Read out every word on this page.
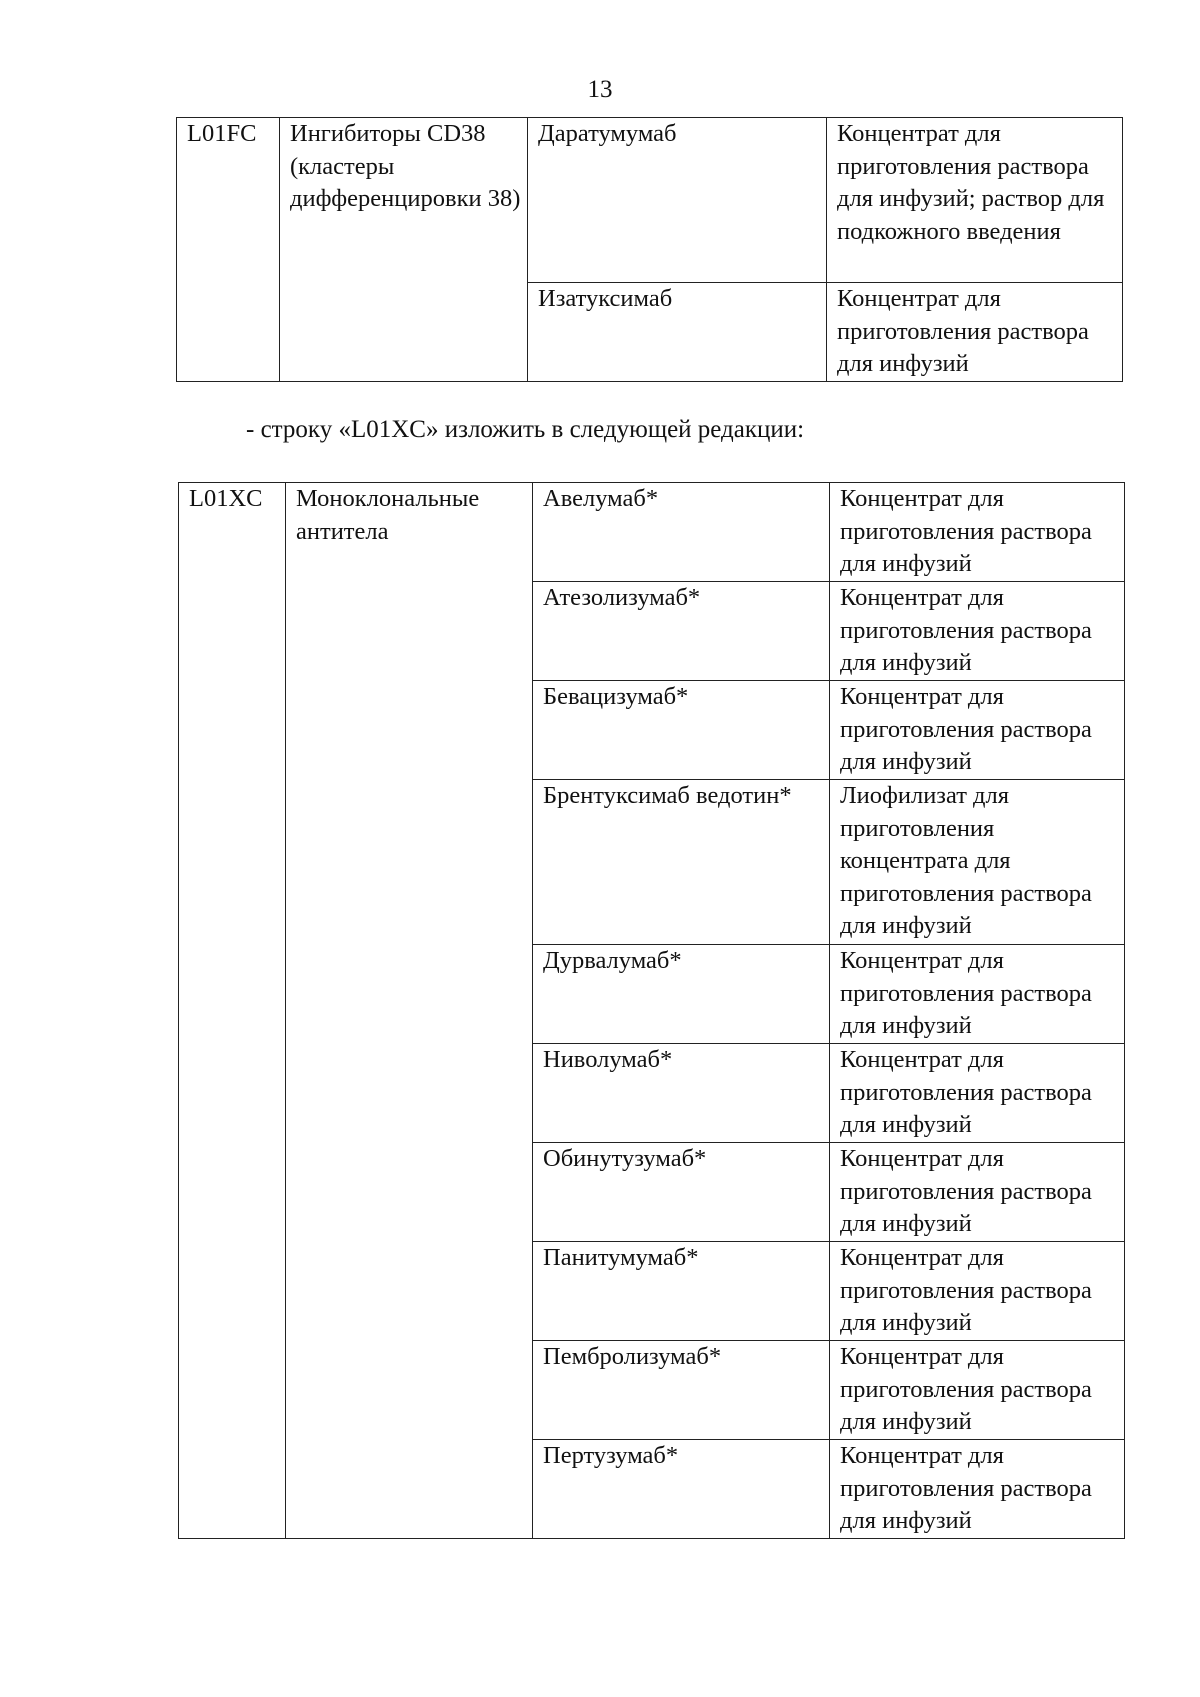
13
L01FC	Ингибиторы CD38 (кластеры дифференцировки 38)	Даратумумаб	Концентрат для приготовления раствора для инфузий; раствор для подкожного введения
		Изатуксимаб	Концентрат для приготовления раствора для инфузий
- строку «L01XC» изложить в следующей редакции:
L01XC	Моноклональные антитела	Авелумаб*	Концентрат для приготовления раствора для инфузий
		Атезолизумаб*	Концентрат для приготовления раствора для инфузий
		Бевацизумаб*	Концентрат для приготовления раствора для инфузий
		Брентуксимаб ведотин*	Лиофилизат для приготовления концентрата для приготовления раствора для инфузий
		Дурвалумаб*	Концентрат для приготовления раствора для инфузий
		Ниволумаб*	Концентрат для приготовления раствора для инфузий
		Обинутузумаб*	Концентрат для приготовления раствора для инфузий
		Панитумумаб*	Концентрат для приготовления раствора для инфузий
		Пембролизумаб*	Концентрат для приготовления раствора для инфузий
		Пертузумаб*	Концентрат для приготовления раствора для инфузий
